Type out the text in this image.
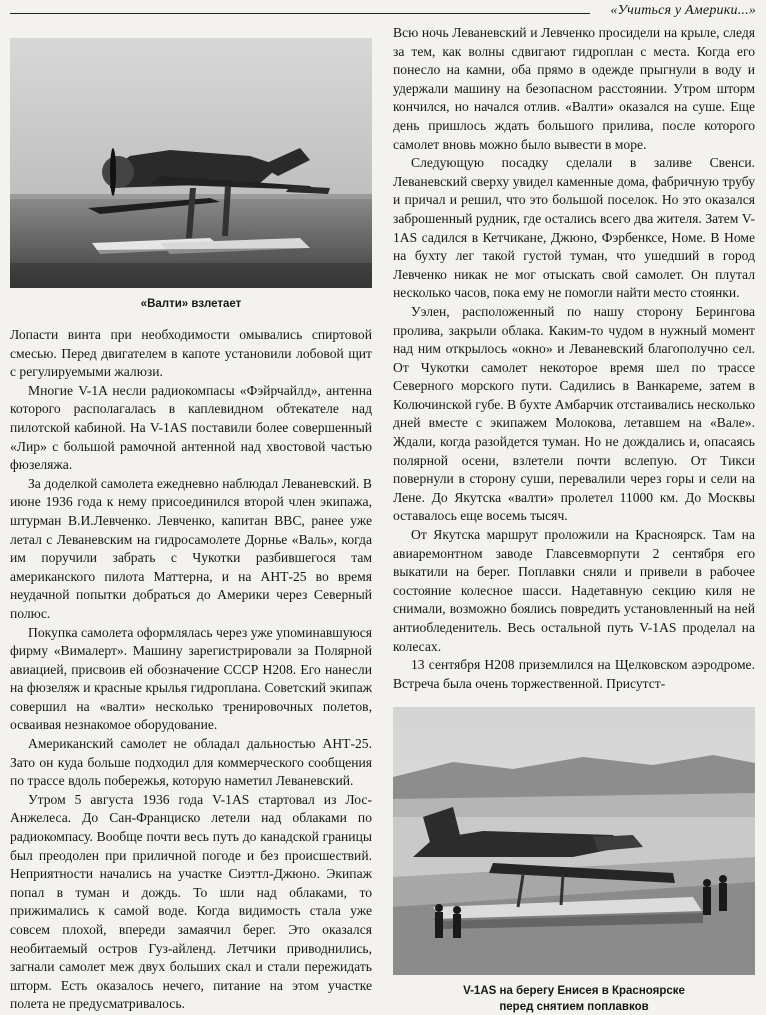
«Учиться у Америки...»
«Валти» взлетает

Лопасти винта при необходимости омывались спиртовой смесью. Перед двигателем в капоте установили лобовой щит с регулируемыми жалюзи.

Многие V-1A несли радиокомпасы «Фэйрчайлд», антенна которого располагалась в каплевидном обтекателе над пилотской кабиной. На V-1AS поставили более совершенный «Лир» с большой рамочной антенной над хвостовой частью фюзеляжа.

За доделкой самолета ежедневно наблюдал Леваневский. В июне 1936 года к нему присоединился второй член экипажа, штурман В.И.Левченко. Левченко, капитан ВВС, ранее уже летал с Леваневским на гидросамолете Дорнье «Валь», когда им поручили забрать с Чукотки разбившегося там американского пилота Маттерна, и на АНТ-25 во время неудачной попытки добраться до Америки через Северный полюс.

Покупка самолета оформлялась через уже упоминавшуюся фирму «Вималерт». Машину зарегистрировали за Полярной авиацией, присвоив ей обозначение СССР Н208. Его нанесли на фюзеляж и красные крылья гидроплана. Советский экипаж совершил на «валти» несколько тренировочных полетов, осваивая незнакомое оборудование.

Американский самолет не обладал дальностью АНТ-25. Зато он куда больше подходил для коммерческого сообщения по трассе вдоль побережья, которую наметил Леваневский.

Утром 5 августа 1936 года V-1AS стартовал из Лос-Анжелеса. До Сан-Франциско летели над облаками по радиокомпасу. Вообще почти весь путь до канадской границы был преодолен при приличной погоде и без происшествий. Неприятности начались на участке Сиэттл-Джюно. Экипаж попал в туман и дождь. То шли над облаками, то прижимались к самой воде. Когда видимость стала уже совсем плохой, впереди замаячил берег. Это оказался необитаемый остров Гуз-айленд. Летчики приводнились, загнали самолет меж двух больших скал и стали пережидать шторм. Есть оказалось нечего, питание на этом участке полета не предусматривалось.

Всю ночь Леваневский и Левченко просидели на крыле, следя за тем, как волны сдвигают гидроплан с места. Когда его понесло на камни, оба прямо в одежде прыгнули в воду и удержали машину на безопасном расстоянии. Утром шторм кончился, но начался отлив. «Валти» оказался на суше. Еще день пришлось ждать большого прилива, после которого самолет вновь можно было вывести в море.

Следующую посадку сделали в заливе Свенси. Леваневский сверху увидел каменные дома, фабричную трубу и причал и решил, что это большой поселок. Но это оказался заброшенный рудник, где остались всего два жителя. Затем V-1AS садился в Кетчикане, Джюно, Фэрбенксе, Номе. В Номе на бухту лег такой густой туман, что ушедший в город Левченко никак не мог отыскать свой самолет. Он плутал несколько часов, пока ему не помогли найти место стоянки.

Уэлен, расположенный по нашу сторону Берингова пролива, закрыли облака. Каким-то чудом в нужный момент над ним открылось «окно» и Леваневский благополучно сел. От Чукотки самолет некоторое время шел по трассе Северного морского пути. Садились в Ванкареме, затем в Колючинской губе. В бухте Амбарчик отстаивались несколько дней вместе с экипажем Молокова, летавшем на «Вале». Ждали, когда разойдется туман. Но не дождались и, опасаясь полярной осени, взлетели почти вслепую. От Тикси повернули в сторону суши, перевалили через горы и сели на Лене. До Якутска «валти» пролетел 11000 км. До Москвы оставалось еще восемь тысяч.

От Якутска маршрут проложили на Красноярск. Там на авиаремонтном заводе Главсевморпути 2 сентября его выкатили на берег. Поплавки сняли и привели в рабочее состояние колесное шасси. Надетавную секцию киля не снимали, возможно боялись повредить установленный на ней антиобледенитель. Весь остальной путь V-1AS проделал на колесах.

13 сентября Н208 приземлился на Щелковском аэродроме. Встреча была очень торжественной. Присутст-

V-1AS на берегу Енисея в Красноярске
перед снятием поплавков
